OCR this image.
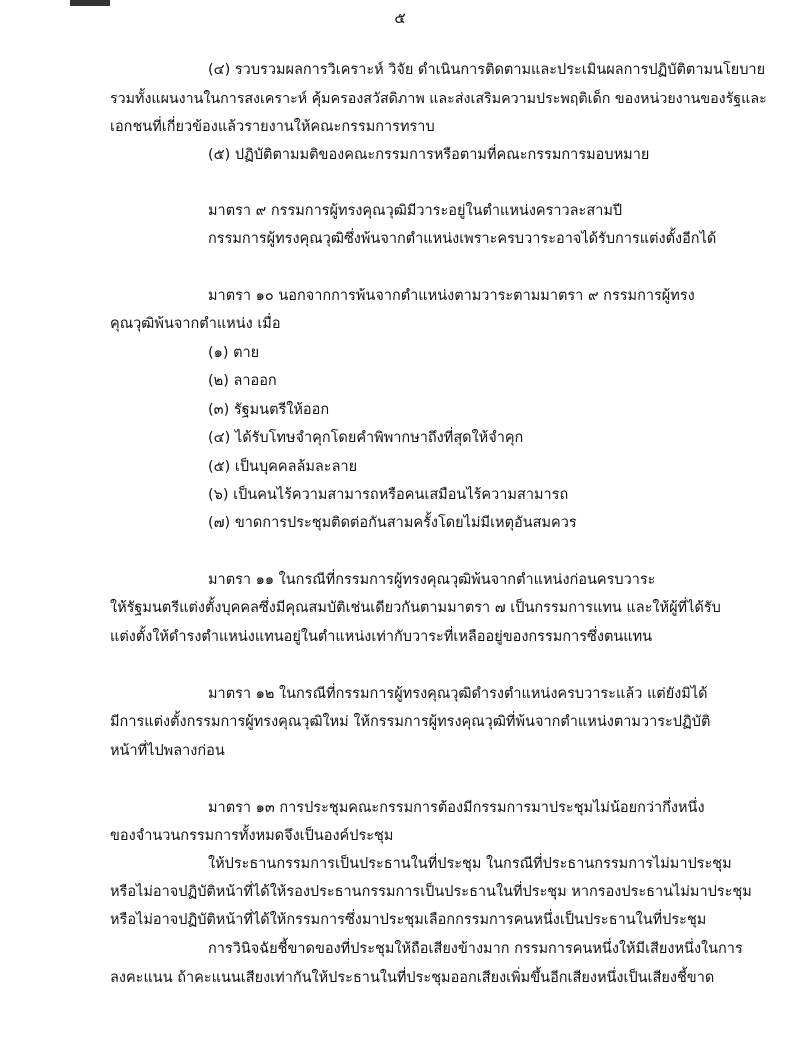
๕
(๔) รวบรวมผลการวิเคราะห์ วิจัย ดำเนินการติดตามและประเมินผลการปฏิบัติตามนโยบาย
รวมทั้งแผนงานในการสงเคราะห์ คุ้มครองสวัสดิภาพ และส่งเสริมความประพฤติเด็ก ของหน่วยงานของรัฐและ
เอกชนที่เกี่ยวข้องแล้วรายงานให้คณะกรรมการทราบ
(๕) ปฏิบัติตามมติของคณะกรรมการหรือตามที่คณะกรรมการมอบหมาย
มาตรา ๙ กรรมการผู้ทรงคุณวุฒิมีวาระอยู่ในตำแหน่งคราวละสามปี
กรรมการผู้ทรงคุณวุฒิซึ่งพ้นจากตำแหน่งเพราะครบวาระอาจได้รับการแต่งตั้งอีกได้
มาตรา ๑๐ นอกจากการพ้นจากตำแหน่งตามวาระตามมาตรา ๙ กรรมการผู้ทรง
คุณวุฒิพ้นจากตำแหน่ง เมื่อ
(๑) ตาย
(๒) ลาออก
(๓) รัฐมนตรีให้ออก
(๔) ได้รับโทษจำคุกโดยคำพิพากษาถึงที่สุดให้จำคุก
(๕) เป็นบุคคลล้มละลาย
(๖) เป็นคนไร้ความสามารถหรือคนเสมือนไร้ความสามารถ
(๗) ขาดการประชุมติดต่อกันสามครั้งโดยไม่มีเหตุอันสมควร
มาตรา ๑๑ ในกรณีที่กรรมการผู้ทรงคุณวุฒิพ้นจากตำแหน่งก่อนครบวาระ
ให้รัฐมนตรีแต่งตั้งบุคคลซึ่งมีคุณสมบัติเช่นเดียวกันตามมาตรา ๗ เป็นกรรมการแทน และให้ผู้ที่ได้รับ
แต่งตั้งให้ดำรงตำแหน่งแทนอยู่ในตำแหน่งเท่ากับวาระที่เหลืออยู่ของกรรมการซึ่งตนแทน
มาตรา ๑๒ ในกรณีที่กรรมการผู้ทรงคุณวุฒิดำรงตำแหน่งครบวาระแล้ว แต่ยังมิได้
มีการแต่งตั้งกรรมการผู้ทรงคุณวุฒิใหม่ ให้กรรมการผู้ทรงคุณวุฒิที่พ้นจากตำแหน่งตามวาระปฏิบัติ
หน้าที่ไปพลางก่อน
มาตรา ๑๓ การประชุมคณะกรรมการต้องมีกรรมการมาประชุมไม่น้อยกว่ากึ่งหนึ่ง
ของจำนวนกรรมการทั้งหมดจึงเป็นองค์ประชุม
ให้ประธานกรรมการเป็นประธานในที่ประชุม ในกรณีที่ประธานกรรมการไม่มาประชุม
หรือไม่อาจปฏิบัติหน้าที่ได้ให้รองประธานกรรมการเป็นประธานในที่ประชุม หากรองประธานไม่มาประชุม
หรือไม่อาจปฏิบัติหน้าที่ได้ให้กรรมการซึ่งมาประชุมเลือกกรรมการคนหนึ่งเป็นประธานในที่ประชุม
การวินิจฉัยชี้ขาดของที่ประชุมให้ถือเสียงข้างมาก กรรมการคนหนึ่งให้มีเสียงหนึ่งในการ
ลงคะแนน ถ้าคะแนนเสียงเท่ากันให้ประธานในที่ประชุมออกเสียงเพิ่มขึ้นอีกเสียงหนึ่งเป็นเสียงชี้ขาด
